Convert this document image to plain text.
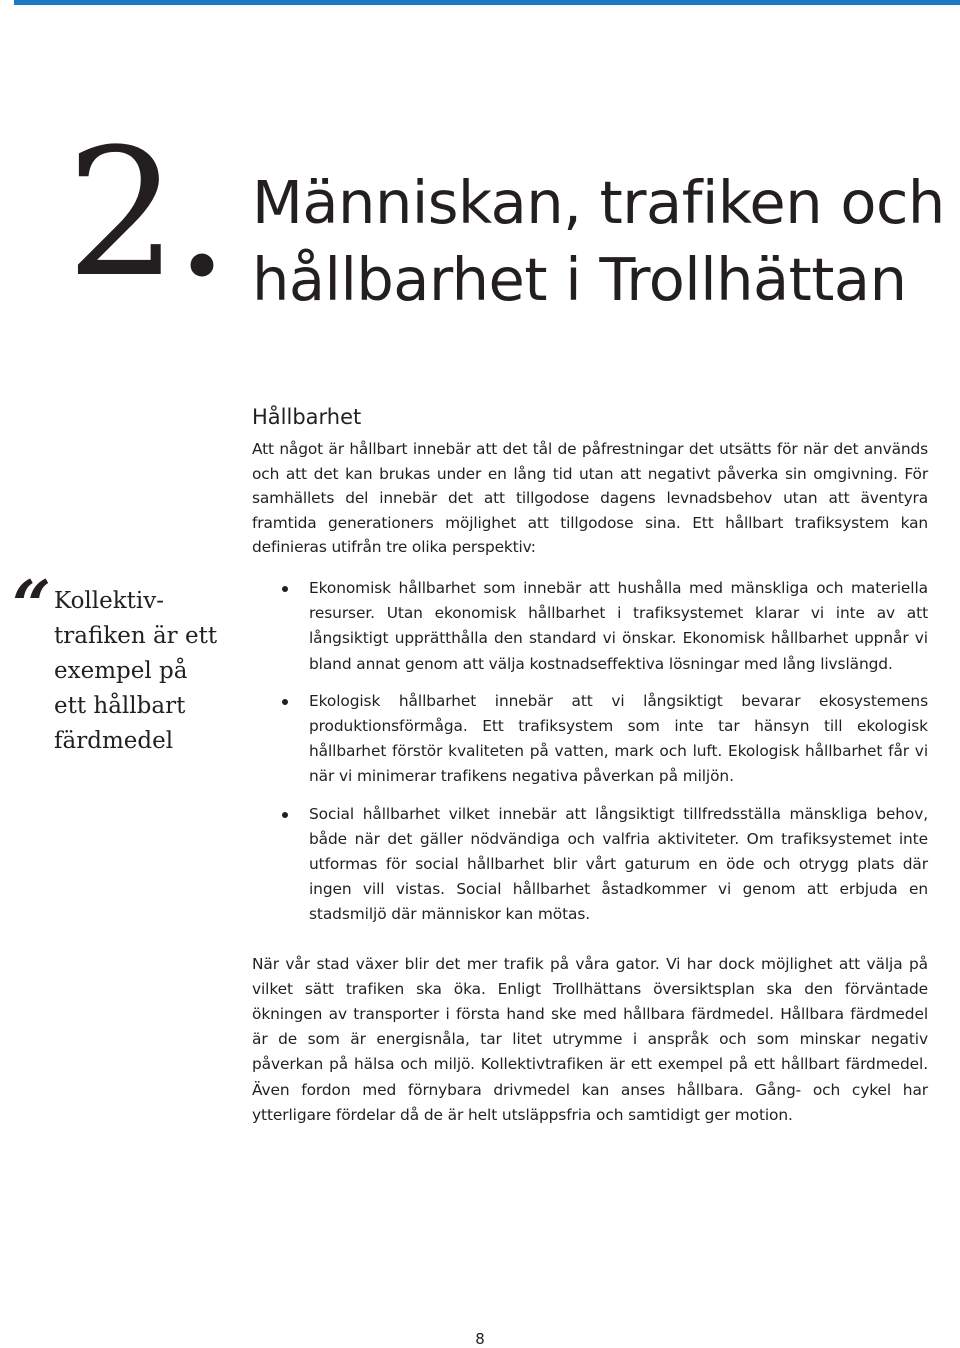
2. Människan, trafiken och hållbarhet i Trollhättan
“ Kollektiv-
trafiken är ett
exempel på
ett hållbart
färdmedel
Hållbarhet

Att något är hållbart innebär att det tål de påfrestningar det utsätts för när det används och att det kan brukas under en lång tid utan att negativt påverka sin omgivning. För samhällets del innebär det att tillgodose dagens levnadsbehov utan att äventyra framtida generationers möjlighet att tillgodose sina. Ett hållbart trafiksystem kan definieras utifrån tre olika perspektiv:

Ekonomisk hållbarhet som innebär att hushålla med mänskliga och materiella resurser. Utan ekonomisk hållbarhet i trafiksystemet klarar vi inte av att långsiktigt upprätthålla den standard vi önskar. Ekonomisk hållbarhet uppnår vi bland annat genom att välja kostnadseffektiva lösningar med lång livslängd.
Ekologisk hållbarhet innebär att vi långsiktigt bevarar ekosystemens produktionsförmåga. Ett trafiksystem som inte tar hänsyn till ekologisk hållbarhet förstör kvaliteten på vatten, mark och luft. Ekologisk hållbarhet får vi när vi minimerar trafikens negativa påverkan på miljön.
Social hållbarhet vilket innebär att långsiktigt tillfredsställa mänskliga behov, både när det gäller nödvändiga och valfria aktiviteter. Om trafiksystemet inte utformas för social hållbarhet blir vårt gaturum en öde och otrygg plats där ingen vill vistas. Social hållbarhet åstadkommer vi genom att erbjuda en stadsmiljö där människor kan mötas.

När vår stad växer blir det mer trafik på våra gator. Vi har dock möjlighet att välja på vilket sätt trafiken ska öka. Enligt Trollhättans översiktsplan ska den förväntade ökningen av transporter i första hand ske med hållbara färdmedel. Hållbara färdmedel är de som är energisnåla, tar litet utrymme i anspråk och som minskar negativ påverkan på hälsa och miljö. Kollektivtrafiken är ett exempel på ett hållbart färdmedel. Även fordon med förnybara drivmedel kan anses hållbara. Gång- och cykel har ytterligare fördelar då de är helt utsläppsfria och samtidigt ger motion.

8
